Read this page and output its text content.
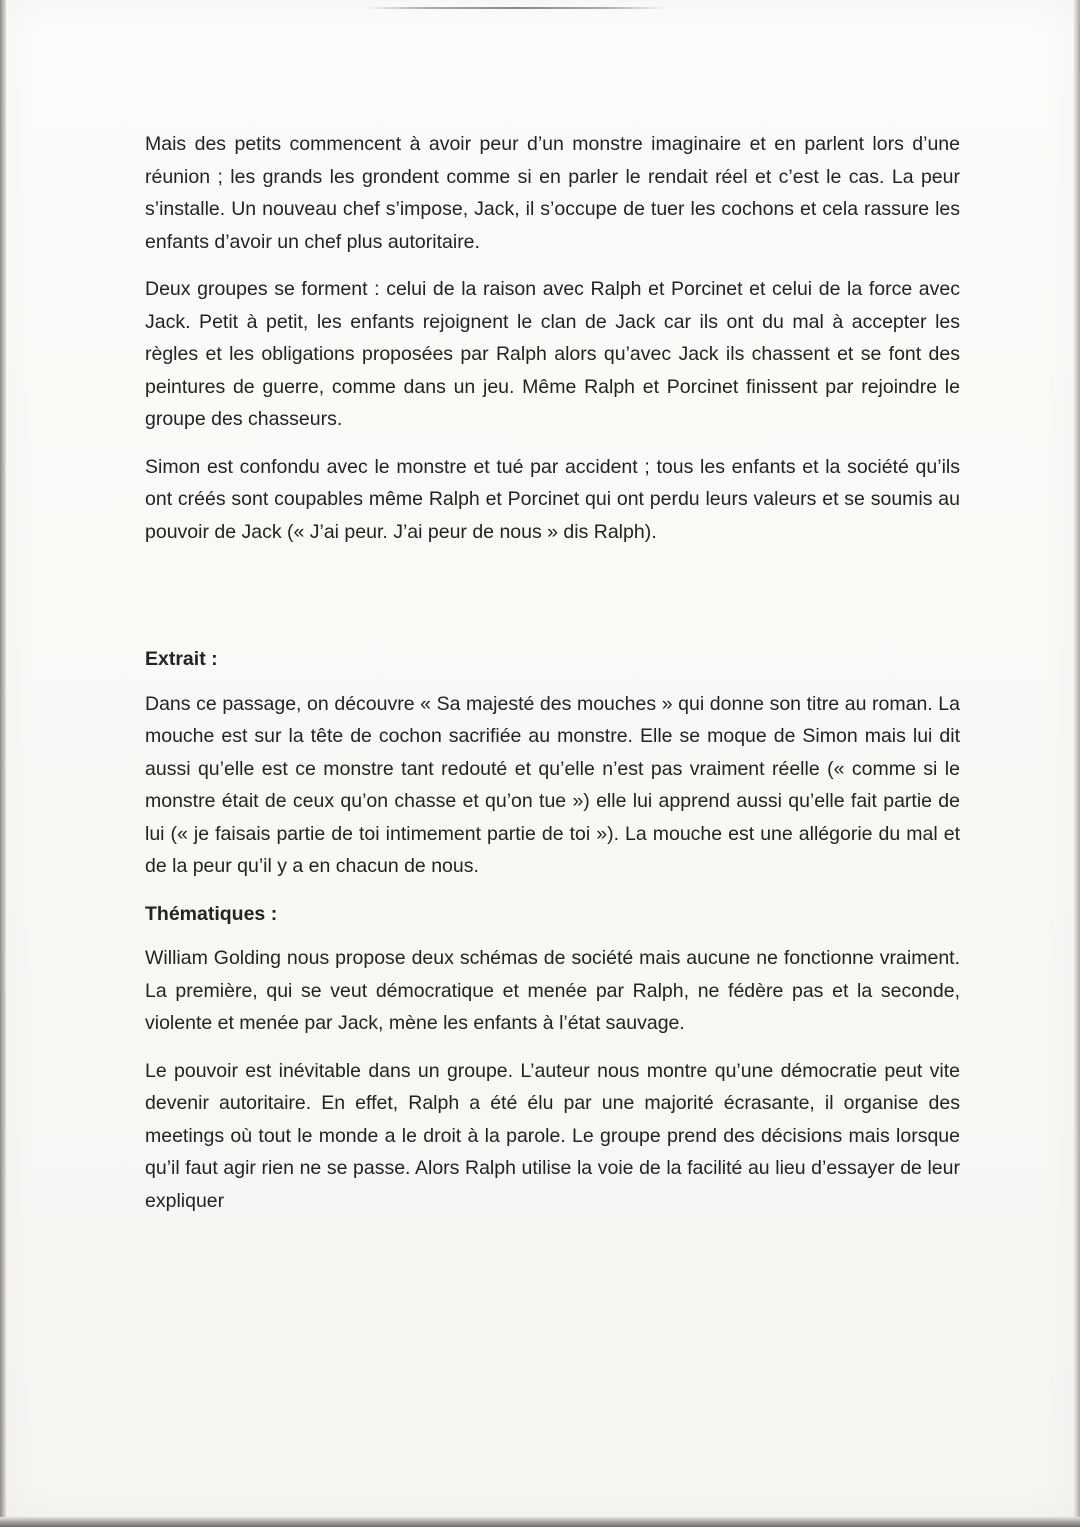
Mais des petits commencent à avoir peur d’un monstre imaginaire et en parlent lors d’une réunion ; les grands les grondent comme si en parler le rendait réel et c’est le cas. La peur s’installe. Un nouveau chef s’impose, Jack, il s’occupe de tuer les cochons et cela rassure les enfants d’avoir un chef plus autoritaire.

Deux groupes se forment : celui de la raison avec Ralph et Porcinet et celui de la force avec Jack. Petit à petit, les enfants rejoignent le clan de Jack car ils ont du mal à accepter les règles et les obligations proposées par Ralph alors qu’avec Jack ils chassent et se font des peintures de guerre, comme dans un jeu. Même Ralph et Porcinet finissent par rejoindre le groupe des chasseurs.

Simon est confondu avec le monstre et tué par accident ; tous les enfants et la société qu’ils ont créés sont coupables même Ralph et Porcinet qui ont perdu leurs valeurs et se soumis au pouvoir de Jack (« J’ai peur. J’ai peur de nous » dis Ralph).

Extrait :

Dans ce passage, on découvre « Sa majesté des mouches » qui donne son titre au roman. La mouche est sur la tête de cochon sacrifiée au monstre. Elle se moque de Simon mais lui dit aussi qu’elle est ce monstre tant redouté et qu’elle n’est pas vraiment réelle (« comme si le monstre était de ceux qu’on chasse et qu’on tue ») elle lui apprend aussi qu’elle fait partie de lui (« je faisais partie de toi intimement partie de toi »). La mouche est une allégorie du mal et de la peur qu’il y a en chacun de nous.

Thématiques :

William Golding nous propose deux schémas de société mais aucune ne fonctionne vraiment. La première, qui se veut démocratique et menée par Ralph, ne fédère pas et la seconde, violente et menée par Jack, mène les enfants à l’état sauvage.

Le pouvoir est inévitable dans un groupe. L’auteur nous montre qu’une démocratie peut vite devenir autoritaire. En effet, Ralph a été élu par une majorité écrasante, il organise des meetings où tout le monde a le droit à la parole. Le groupe prend des décisions mais lorsque qu’il faut agir rien ne se passe. Alors Ralph utilise la voie de la facilité au lieu d’essayer de leur expliquer
